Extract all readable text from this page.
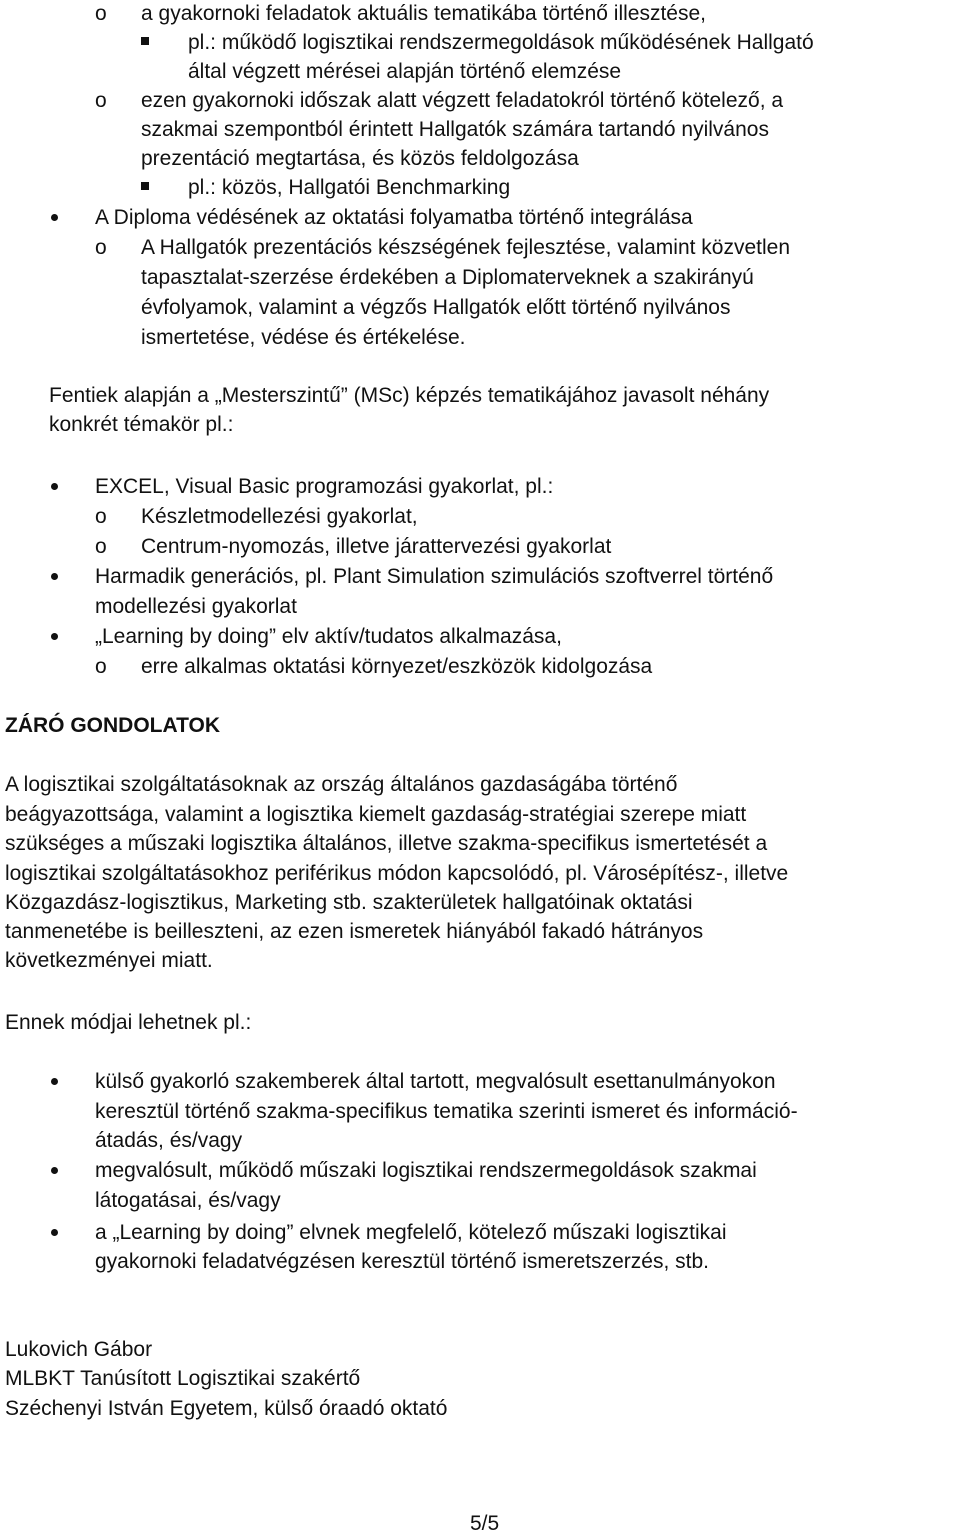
o a gyakornoki feladatok aktuális tematikába történő illesztése,
pl.: működő logisztikai rendszermegoldások működésének Hallgató
által végzett mérései alapján történő elemzése
o ezen gyakornoki időszak alatt végzett feladatokról történő kötelező, a
szakmai szempontból érintett Hallgatók számára tartandó nyilvános
prezentáció megtartása, és közös feldolgozása
pl.: közös, Hallgatói Benchmarking
A Diploma védésének az oktatási folyamatba történő integrálása
o A Hallgatók prezentációs készségének fejlesztése, valamint közvetlen
tapasztalat-szerzése érdekében a Diplomaterveknek a szakirányú
évfolyamok, valamint a végzős Hallgatók előtt történő nyilvános
ismertetése, védése és értékelése.
Fentiek alapján a „Mesterszintű” (MSc) képzés tematikájához javasolt néhány
konkrét témakör pl.:
EXCEL, Visual Basic programozási gyakorlat, pl.:
o Készletmodellezési gyakorlat,
o Centrum-nyomozás, illetve járattervezési gyakorlat
Harmadik generációs, pl. Plant Simulation szimulációs szoftverrel történő
modellezési gyakorlat
„Learning by doing” elv aktív/tudatos alkalmazása,
o erre alkalmas oktatási környezet/eszközök kidolgozása
ZÁRÓ GONDOLATOK
A logisztikai szolgáltatásoknak az ország általános gazdaságába történő
beágyazottsága, valamint a logisztika kiemelt gazdaság-stratégiai szerepe miatt
szükséges a műszaki logisztika általános, illetve szakma-specifikus ismertetését a
logisztikai szolgáltatásokhoz periférikus módon kapcsolódó, pl. Városépítész-, illetve
Közgazdász-logisztikus, Marketing stb. szakterületek hallgatóinak oktatási
tanmenetébe is beilleszteni, az ezen ismeretek hiányából fakadó hátrányos
következményei miatt.
Ennek módjai lehetnek pl.:
külső gyakorló szakemberek által tartott, megvalósult esettanulmányokon
keresztül történő szakma-specifikus tematika szerinti ismeret és információ-
átadás, és/vagy
megvalósult, működő műszaki logisztikai rendszermegoldások szakmai
látogatásai, és/vagy
a „Learning by doing” elvnek megfelelő, kötelező műszaki logisztikai
gyakornoki feladatvégzésen keresztül történő ismeretszerzés, stb.
Lukovich Gábor
MLBKT Tanúsított Logisztikai szakértő
Széchenyi István Egyetem, külső óraadó oktató
5/5
